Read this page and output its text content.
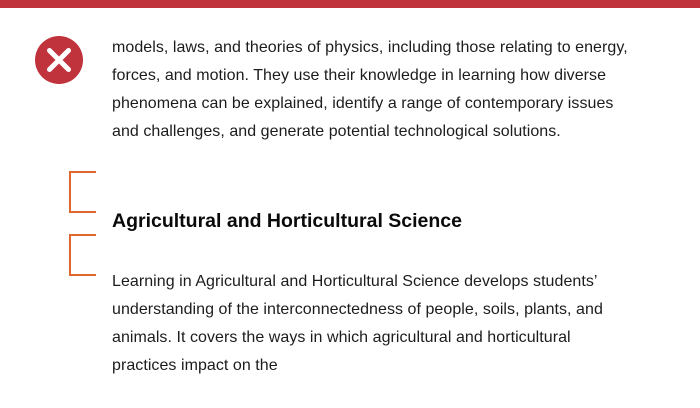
models, laws, and theories of physics, including those relating to energy, forces, and motion. They use their knowledge in learning how diverse phenomena can be explained, identify a range of contemporary issues and challenges, and generate potential technological solutions.

Agricultural and Horticultural Science

Learning in Agricultural and Horticultural Science develops students’ understanding of the interconnectedness of people, soils, plants, and animals. It covers the ways in which agricultural and horticultural practices impact on the
